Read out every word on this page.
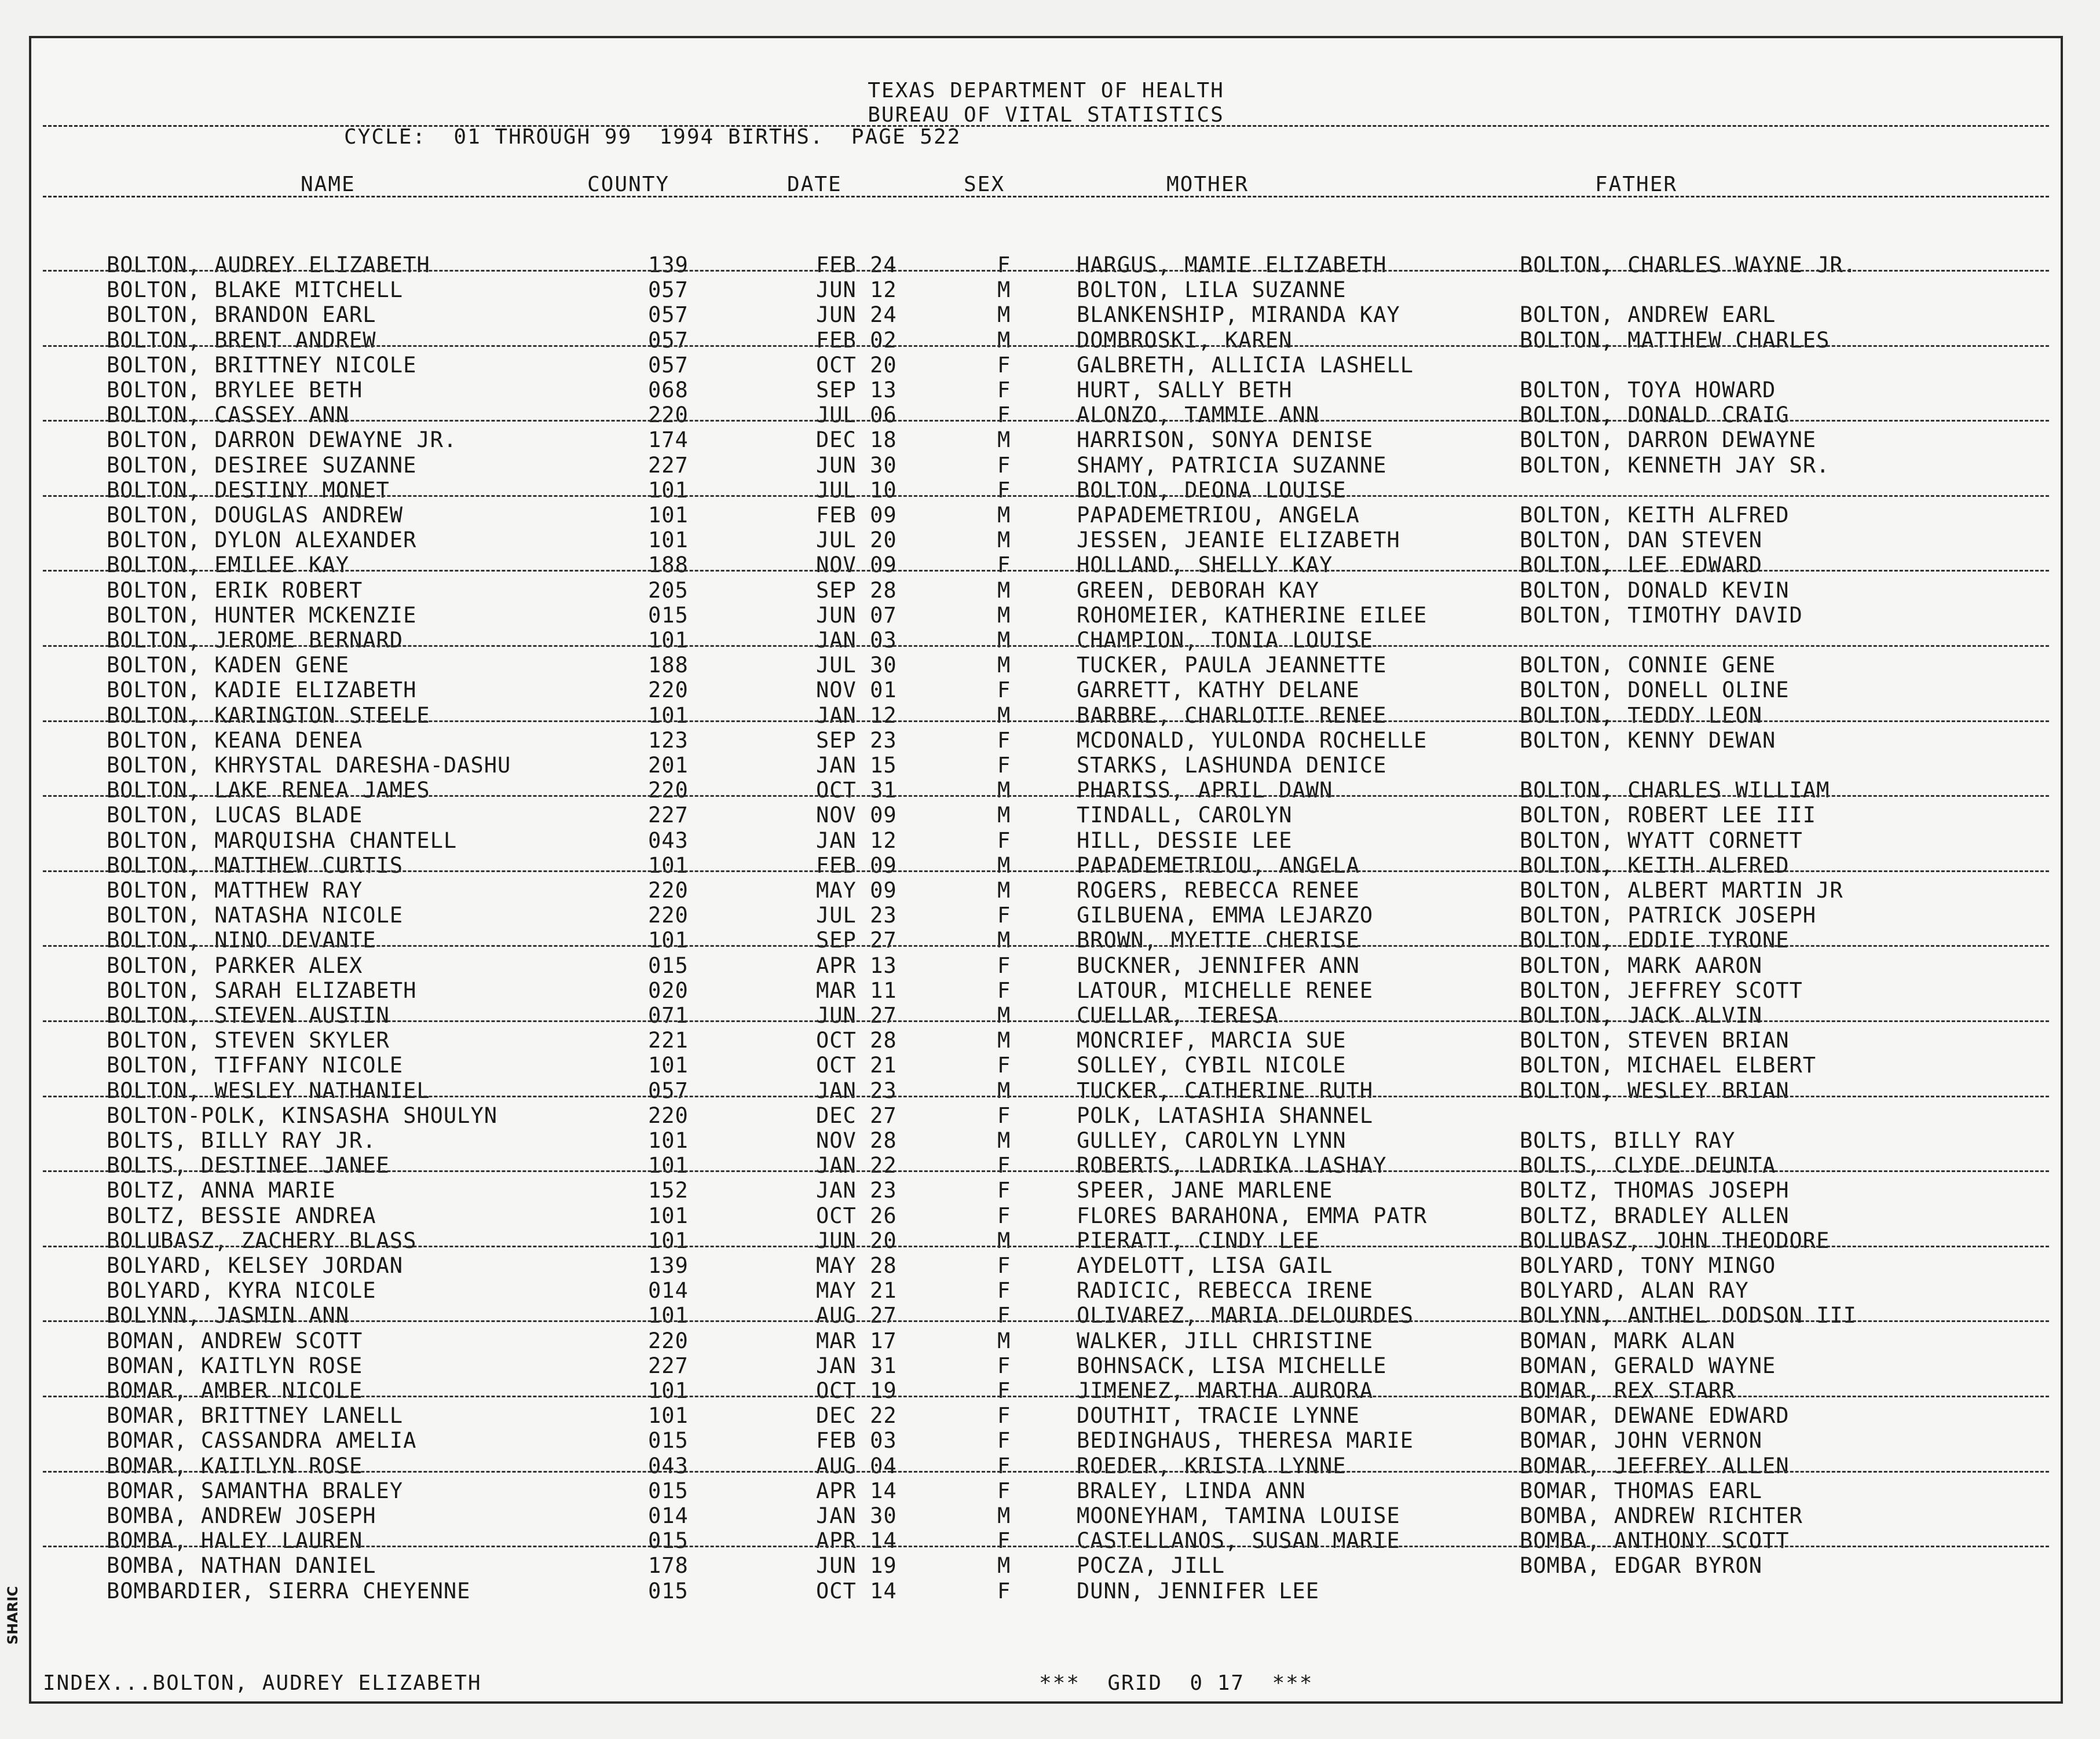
TEXAS DEPARTMENT OF HEALTH
BUREAU OF VITAL STATISTICS
CYCLE:  01 THROUGH 99  1994 BIRTHS.  PAGE 522
NAME	COUNTY	DATE	SEX	MOTHER	FATHER
BOLTON, AUDREY ELIZABETH	139	FEB 24	F	HARGUS, MAMIE ELIZABETH	BOLTON, CHARLES WAYNE JR.
BOLTON, BLAKE MITCHELL	057	JUN 12	M	BOLTON, LILA SUZANNE
BOLTON, BRANDON EARL	057	JUN 24	M	BLANKENSHIP, MIRANDA KAY	BOLTON, ANDREW EARL
BOLTON, BRENT ANDREW	057	FEB 02	M	DOMBROSKI, KAREN	BOLTON, MATTHEW CHARLES
BOLTON, BRITTNEY NICOLE	057	OCT 20	F	GALBRETH, ALLICIA LASHELL
BOLTON, BRYLEE BETH	068	SEP 13	F	HURT, SALLY BETH	BOLTON, TOYA HOWARD
BOLTON, CASSEY ANN	220	JUL 06	F	ALONZO, TAMMIE ANN	BOLTON, DONALD CRAIG
BOLTON, DARRON DEWAYNE JR.	174	DEC 18	M	HARRISON, SONYA DENISE	BOLTON, DARRON DEWAYNE
BOLTON, DESIREE SUZANNE	227	JUN 30	F	SHAMY, PATRICIA SUZANNE	BOLTON, KENNETH JAY SR.
BOLTON, DESTINY MONET	101	JUL 10	F	BOLTON, DEONA LOUISE
BOLTON, DOUGLAS ANDREW	101	FEB 09	M	PAPADEMETRIOU, ANGELA	BOLTON, KEITH ALFRED
BOLTON, DYLON ALEXANDER	101	JUL 20	M	JESSEN, JEANIE ELIZABETH	BOLTON, DAN STEVEN
BOLTON, EMILEE KAY	188	NOV 09	F	HOLLAND, SHELLY KAY	BOLTON, LEE EDWARD
BOLTON, ERIK ROBERT	205	SEP 28	M	GREEN, DEBORAH KAY	BOLTON, DONALD KEVIN
BOLTON, HUNTER MCKENZIE	015	JUN 07	M	ROHOMEIER, KATHERINE EILEE	BOLTON, TIMOTHY DAVID
BOLTON, JEROME BERNARD	101	JAN 03	M	CHAMPION, TONIA LOUISE
BOLTON, KADEN GENE	188	JUL 30	M	TUCKER, PAULA JEANNETTE	BOLTON, CONNIE GENE
BOLTON, KADIE ELIZABETH	220	NOV 01	F	GARRETT, KATHY DELANE	BOLTON, DONELL OLINE
BOLTON, KARINGTON STEELE	101	JAN 12	M	BARBRE, CHARLOTTE RENEE	BOLTON, TEDDY LEON
BOLTON, KEANA DENEA	123	SEP 23	F	MCDONALD, YULONDA ROCHELLE	BOLTON, KENNY DEWAN
BOLTON, KHRYSTAL DARESHA-DASHU	201	JAN 15	F	STARKS, LASHUNDA DENICE
BOLTON, LAKE RENEA JAMES	220	OCT 31	M	PHARISS, APRIL DAWN	BOLTON, CHARLES WILLIAM
BOLTON, LUCAS BLADE	227	NOV 09	M	TINDALL, CAROLYN	BOLTON, ROBERT LEE III
BOLTON, MARQUISHA CHANTELL	043	JAN 12	F	HILL, DESSIE LEE	BOLTON, WYATT CORNETT
BOLTON, MATTHEW CURTIS	101	FEB 09	M	PAPADEMETRIOU, ANGELA	BOLTON, KEITH ALFRED
BOLTON, MATTHEW RAY	220	MAY 09	M	ROGERS, REBECCA RENEE	BOLTON, ALBERT MARTIN JR
BOLTON, NATASHA NICOLE	220	JUL 23	F	GILBUENA, EMMA LEJARZO	BOLTON, PATRICK JOSEPH
BOLTON, NINO DEVANTE	101	SEP 27	M	BROWN, MYETTE CHERISE	BOLTON, EDDIE TYRONE
BOLTON, PARKER ALEX	015	APR 13	F	BUCKNER, JENNIFER ANN	BOLTON, MARK AARON
BOLTON, SARAH ELIZABETH	020	MAR 11	F	LATOUR, MICHELLE RENEE	BOLTON, JEFFREY SCOTT
BOLTON, STEVEN AUSTIN	071	JUN 27	M	CUELLAR, TERESA	BOLTON, JACK ALVIN
BOLTON, STEVEN SKYLER	221	OCT 28	M	MONCRIEF, MARCIA SUE	BOLTON, STEVEN BRIAN
BOLTON, TIFFANY NICOLE	101	OCT 21	F	SOLLEY, CYBIL NICOLE	BOLTON, MICHAEL ELBERT
BOLTON, WESLEY NATHANIEL	057	JAN 23	M	TUCKER, CATHERINE RUTH	BOLTON, WESLEY BRIAN
BOLTON-POLK, KINSASHA SHOULYN	220	DEC 27	F	POLK, LATASHIA SHANNEL
BOLTS, BILLY RAY JR.	101	NOV 28	M	GULLEY, CAROLYN LYNN	BOLTS, BILLY RAY
BOLTS, DESTINEE JANEE	101	JAN 22	F	ROBERTS, LADRIKA LASHAY	BOLTS, CLYDE DEUNTA
BOLTZ, ANNA MARIE	152	JAN 23	F	SPEER, JANE MARLENE	BOLTZ, THOMAS JOSEPH
BOLTZ, BESSIE ANDREA	101	OCT 26	F	FLORES BARAHONA, EMMA PATR	BOLTZ, BRADLEY ALLEN
BOLUBASZ, ZACHERY BLASS	101	JUN 20	M	PIERATT, CINDY LEE	BOLUBASZ, JOHN THEODORE
BOLYARD, KELSEY JORDAN	139	MAY 28	F	AYDELOTT, LISA GAIL	BOLYARD, TONY MINGO
BOLYARD, KYRA NICOLE	014	MAY 21	F	RADICIC, REBECCA IRENE	BOLYARD, ALAN RAY
BOLYNN, JASMIN ANN	101	AUG 27	F	OLIVAREZ, MARIA DELOURDES	BOLYNN, ANTHEL DODSON III
BOMAN, ANDREW SCOTT	220	MAR 17	M	WALKER, JILL CHRISTINE	BOMAN, MARK ALAN
BOMAN, KAITLYN ROSE	227	JAN 31	F	BOHNSACK, LISA MICHELLE	BOMAN, GERALD WAYNE
BOMAR, AMBER NICOLE	101	OCT 19	F	JIMENEZ, MARTHA AURORA	BOMAR, REX STARR
BOMAR, BRITTNEY LANELL	101	DEC 22	F	DOUTHIT, TRACIE LYNNE	BOMAR, DEWANE EDWARD
BOMAR, CASSANDRA AMELIA	015	FEB 03	F	BEDINGHAUS, THERESA MARIE	BOMAR, JOHN VERNON
BOMAR, KAITLYN ROSE	043	AUG 04	F	ROEDER, KRISTA LYNNE	BOMAR, JEFFREY ALLEN
BOMAR, SAMANTHA BRALEY	015	APR 14	F	BRALEY, LINDA ANN	BOMAR, THOMAS EARL
BOMBA, ANDREW JOSEPH	014	JAN 30	M	MOONEYHAM, TAMINA LOUISE	BOMBA, ANDREW RICHTER
BOMBA, HALEY LAUREN	015	APR 14	F	CASTELLANOS, SUSAN MARIE	BOMBA, ANTHONY SCOTT
BOMBA, NATHAN DANIEL	178	JUN 19	M	POCZA, JILL	BOMBA, EDGAR BYRON
BOMBARDIER, SIERRA CHEYENNE	015	OCT 14	F	DUNN, JENNIFER LEE
INDEX...BOLTON, AUDREY ELIZABETH	***  GRID  0 17  ***
SHARIC
